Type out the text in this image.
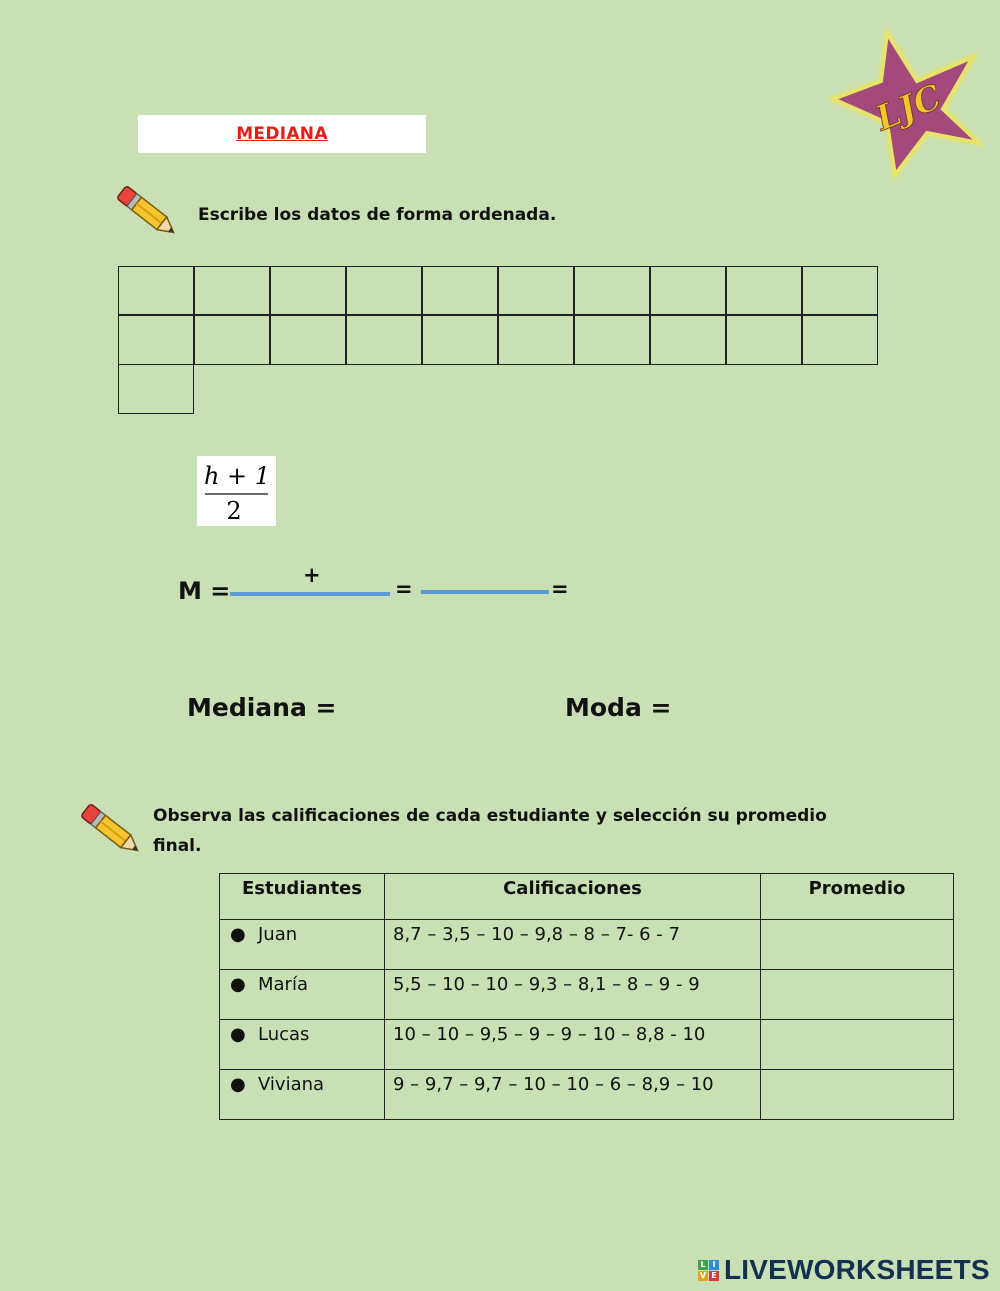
MEDIANA	LJC
Escribe los datos de forma ordenada.
h + 1
2
M =
+
=	=
Mediana =	Moda =
Observa las calificaciones de cada estudiante y selección su promedio final.
Estudiantes	Calificaciones	Promedio
● Juan	8,7 – 3,5 – 10 – 9,8 – 8 – 7- 6 - 7	
● María	5,5 – 10 – 10 – 9,3 – 8,1 – 8 – 9 - 9	
● Lucas	10 – 10 – 9,5 – 9 – 9 – 10 – 8,8 - 10	
● Viviana	9 – 9,7 – 9,7 – 10 – 10 – 6 – 8,9 – 10	
L I
V E LIVEWORKSHEETS
